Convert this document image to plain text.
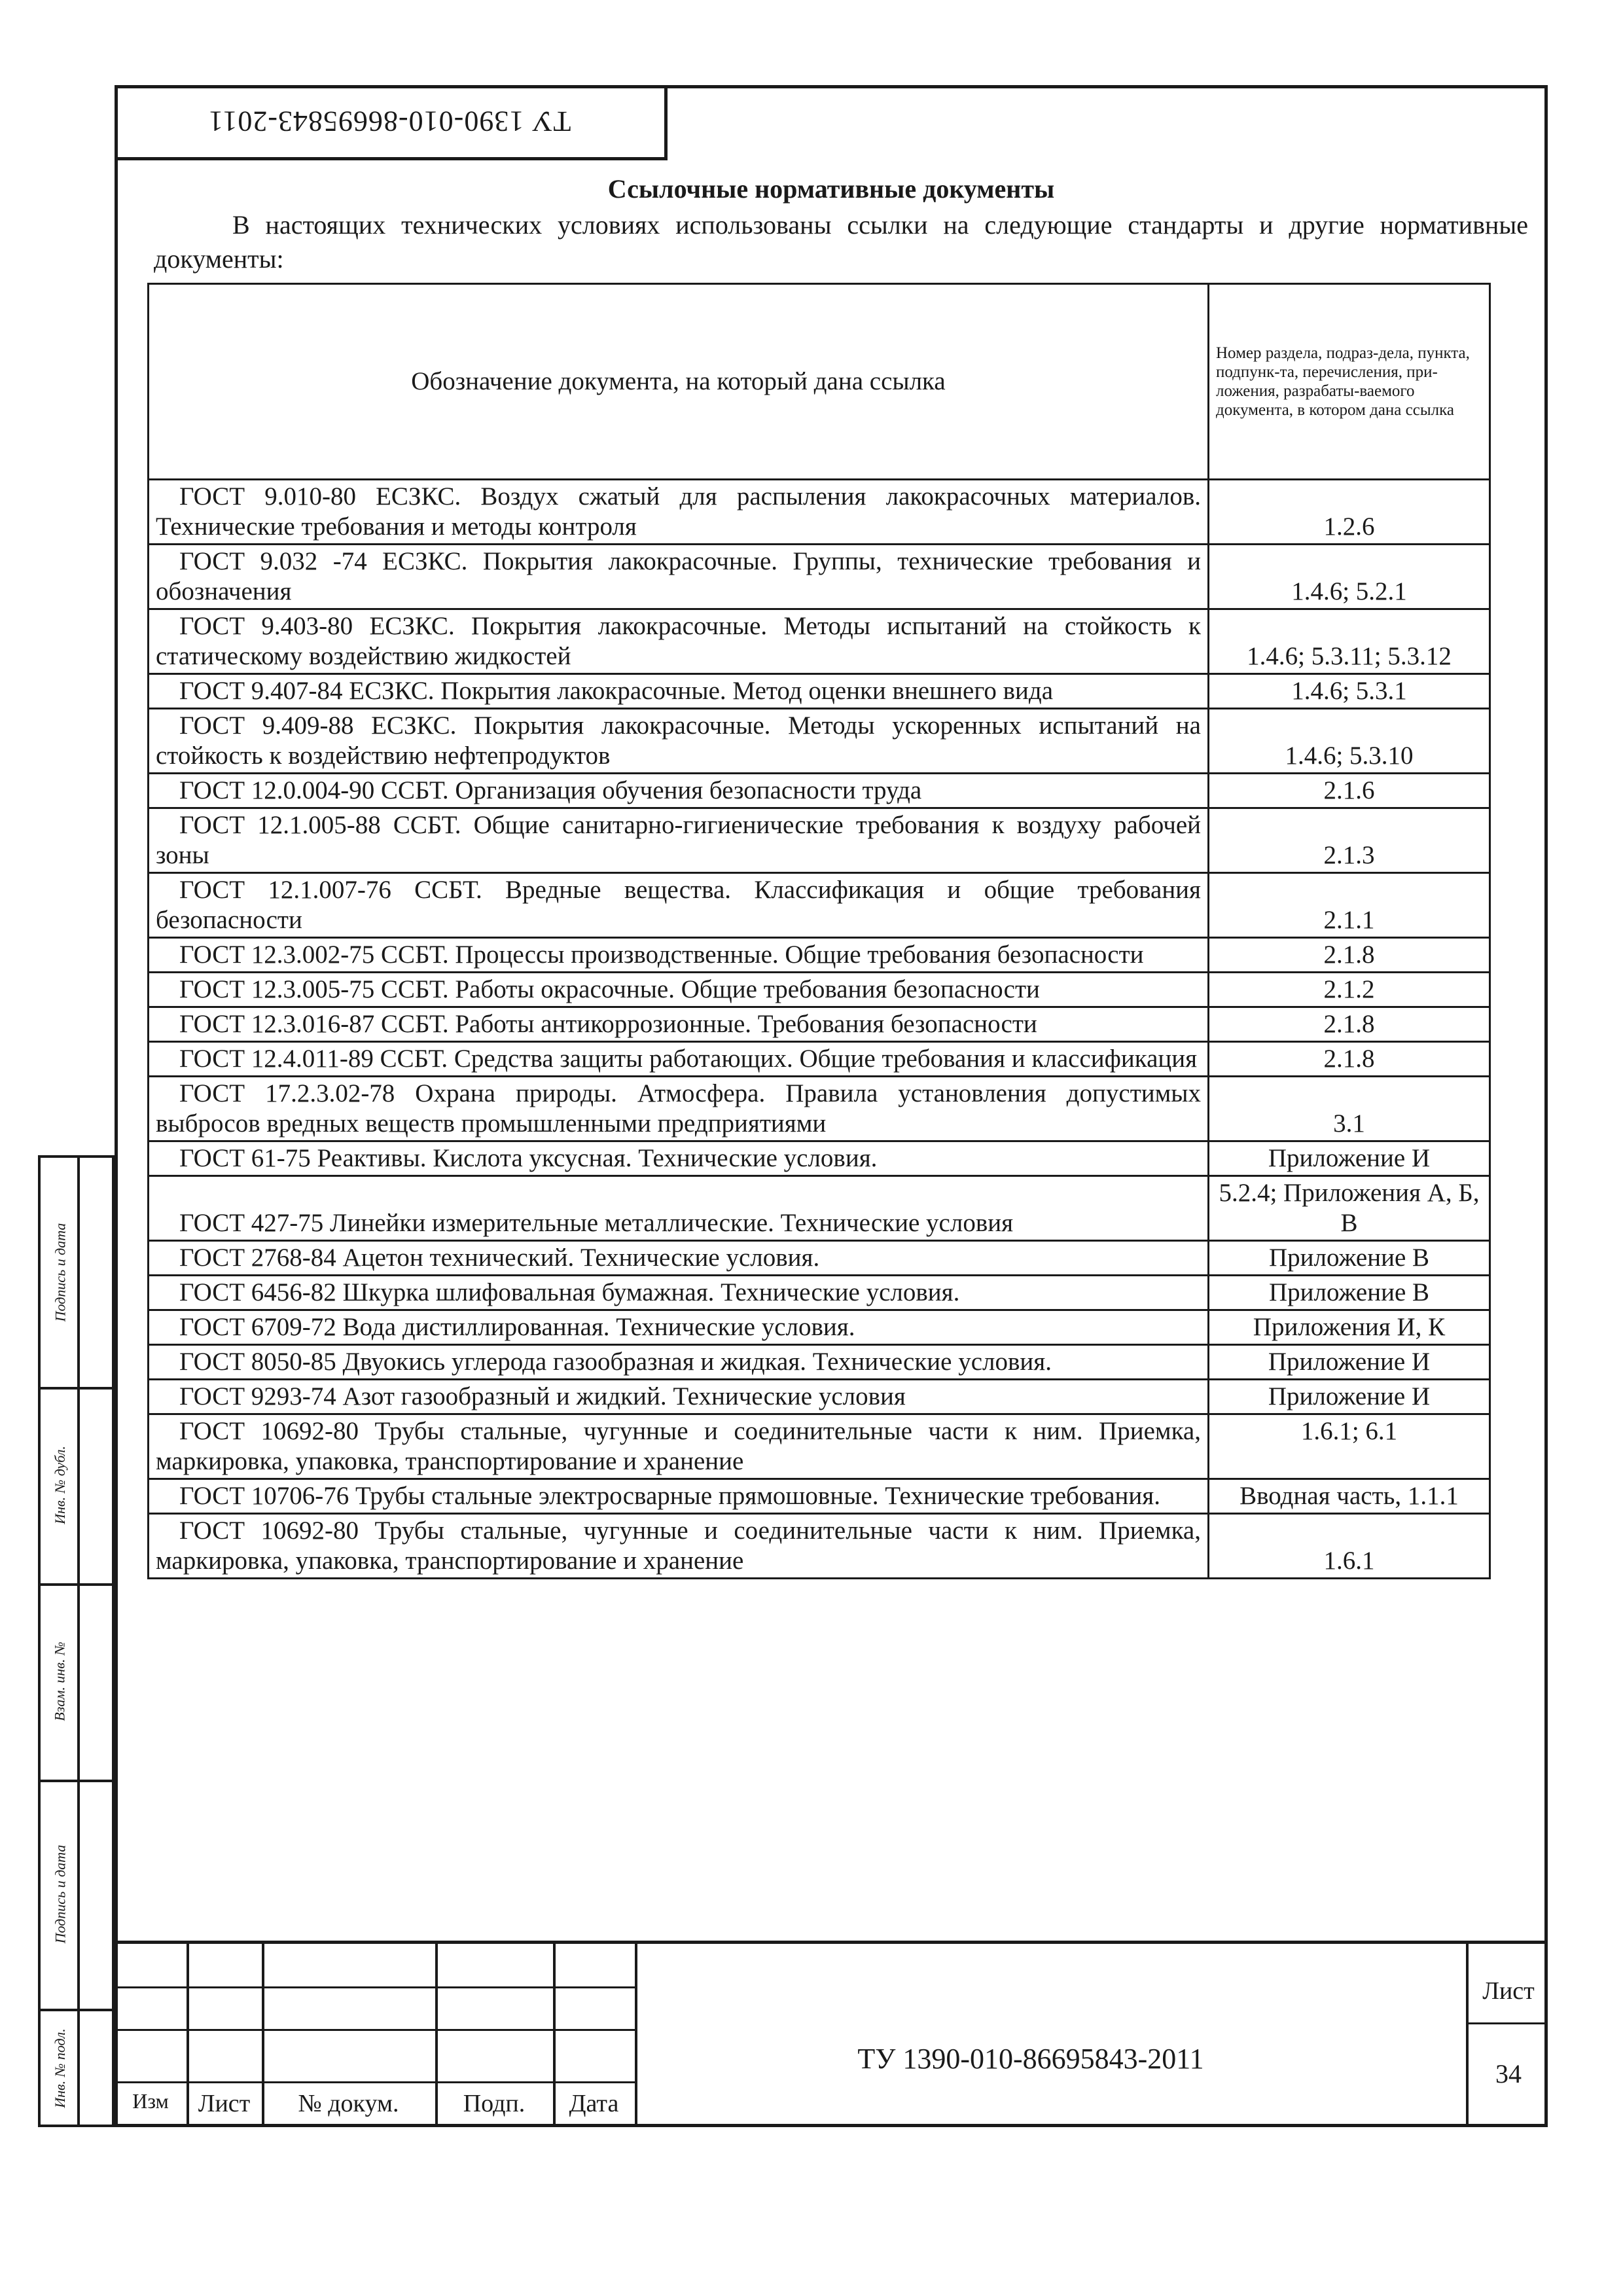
ТУ 1390-010-86695843-2011
Ссылочные нормативные документы
В настоящих технических условиях использованы ссылки на следующие стандарты и другие нормативные документы:
Обозначение документа, на который дана ссылка	Номер раздела, подраз-дела, пункта, подпунк-та, перечисления, при-ложения, разрабаты-ваемого документа, в котором дана ссылка
ГОСТ 9.010-80 ЕСЗКС. Воздух сжатый для распыления лакокрасочных материалов. Технические требования и методы контроля	1.2.6
ГОСТ 9.032 -74 ЕСЗКС. Покрытия лакокрасочные. Группы, технические требования и обозначения	1.4.6; 5.2.1
ГОСТ 9.403-80 ЕСЗКС. Покрытия лакокрасочные. Методы испытаний на стойкость к статическому воздействию жидкостей	1.4.6; 5.3.11; 5.3.12
ГОСТ 9.407-84 ЕСЗКС. Покрытия лакокрасочные. Метод оценки внешнего вида	1.4.6; 5.3.1
ГОСТ 9.409-88 ЕСЗКС. Покрытия лакокрасочные. Методы ускоренных испытаний на стойкость к воздействию нефтепродуктов	1.4.6; 5.3.10
ГОСТ 12.0.004-90 ССБТ. Организация обучения безопасности труда	2.1.6
ГОСТ 12.1.005-88 ССБТ. Общие санитарно-гигиенические требования к воздуху рабочей зоны	2.1.3
ГОСТ 12.1.007-76 ССБТ. Вредные вещества. Классификация и общие требования безопасности	2.1.1
ГОСТ 12.3.002-75 ССБТ. Процессы производственные. Общие требования безопасности	2.1.8
ГОСТ 12.3.005-75 ССБТ. Работы окрасочные. Общие требования безопасности	2.1.2
ГОСТ 12.3.016-87 ССБТ. Работы антикоррозионные. Требования безопасности	2.1.8
ГОСТ 12.4.011-89 ССБТ. Средства защиты работающих. Общие требования и классификация	2.1.8
ГОСТ 17.2.3.02-78 Охрана природы. Атмосфера. Правила установления допустимых выбросов вредных веществ промышленными предприятиями	3.1
ГОСТ 61-75 Реактивы. Кислота уксусная. Технические условия.	Приложение И
ГОСТ 427-75 Линейки измерительные металлические. Технические условия	5.2.4; Приложения А, Б, В
ГОСТ 2768-84 Ацетон технический. Технические условия.	Приложение В
ГОСТ 6456-82 Шкурка шлифовальная бумажная. Технические условия.	Приложение В
ГОСТ 6709-72 Вода дистиллированная. Технические условия.	Приложения И, К
ГОСТ 8050-85 Двуокись углерода газообразная и жидкая. Технические условия.	Приложение И
ГОСТ 9293-74 Азот газообразный и жидкий. Технические условия	Приложение И
ГОСТ 10692-80 Трубы стальные, чугунные и соединительные части к ним. Приемка, маркировка, упаковка, транспортирование и хранение	1.6.1; 6.1
ГОСТ 10706-76 Трубы стальные электросварные прямошовные. Технические требования.	Вводная часть, 1.1.1
ГОСТ 10692-80 Трубы стальные, чугунные и соединительные части к ним. Приемка, маркировка, упаковка, транспортирование и хранение	1.6.1
Подпись и дата
Инв. № дубл.
Взам. инв. №
Подпись и дата
Инв. № подл.	Изм	Лист	№ докум.	Подп.	Дата
ТУ 1390-010-86695843-2011
Лист
34
